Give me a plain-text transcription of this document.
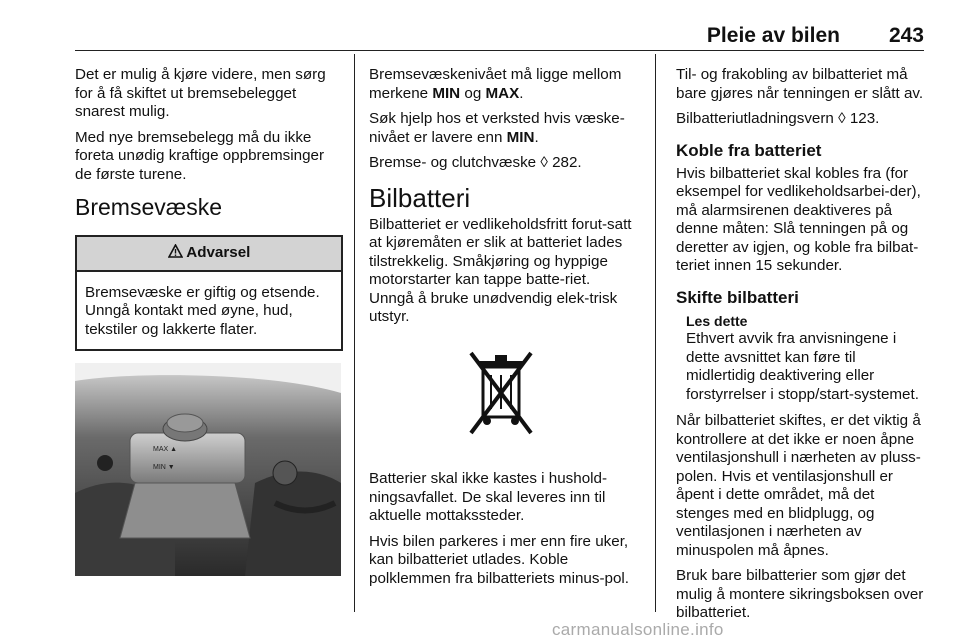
Pleie av bilen 243

Det er mulig å kjøre videre, men sørg for å få skiftet ut bremsebelegget snarest mulig.

Med nye bremsebelegg må du ikke foreta unødig kraftige oppbremsinger de første turene.

Bremsevæske
Advarsel
Bremsevæske er giftig og etsende. Unngå kontakt med øyne, hud, tekstiler og lakkerte flater.
MAX ▲
MIN ▼

Bremsevæskenivået må ligge mellom merkene MIN og MAX.

Søk hjelp hos et verksted hvis væske-nivået er lavere enn MIN.

Bremse- og clutchvæske ◊ 282.

Bilbatteri

Bilbatteriet er vedlikeholdsfritt forut-satt at kjøremåten er slik at batteriet lades tilstrekkelig. Småkjøring og hyppige motorstarter kan tappe batte-riet. Unngå å bruke unødvendig elek-trisk utstyr.

Batterier skal ikke kastes i hushold-ningsavfallet. De skal leveres inn til aktuelle mottakssteder.

Hvis bilen parkeres i mer enn fire uker, kan bilbatteriet utlades. Koble polklemmen fra bilbatteriets minus-pol.

Til- og frakobling av bilbatteriet må bare gjøres når tenningen er slått av.

Bilbatteriutladningsvern ◊ 123.

Koble fra batteriet

Hvis bilbatteriet skal kobles fra (for eksempel for vedlikeholdsarbei-der), må alarmsirenen deaktiveres på denne måten: Slå tenningen på og deretter av igjen, og koble fra bilbat-teriet innen 15 sekunder.

Skifte bilbatteri
Les dette
Ethvert avvik fra anvisningene i dette avsnittet kan føre til midlertidig deaktivering eller forstyrrelser i stopp/start-systemet.

Når bilbatteriet skiftes, er det viktig å kontrollere at det ikke er noen åpne ventilasjonshull i nærheten av pluss-polen. Hvis et ventilasjonshull er åpent i dette området, må det stenges med en blidplugg, og ventilasjonen i nærheten av minuspolen må åpnes.

Bruk bare bilbatterier som gjør det mulig å montere sikringsboksen over bilbatteriet.

carmanualsonline.info
